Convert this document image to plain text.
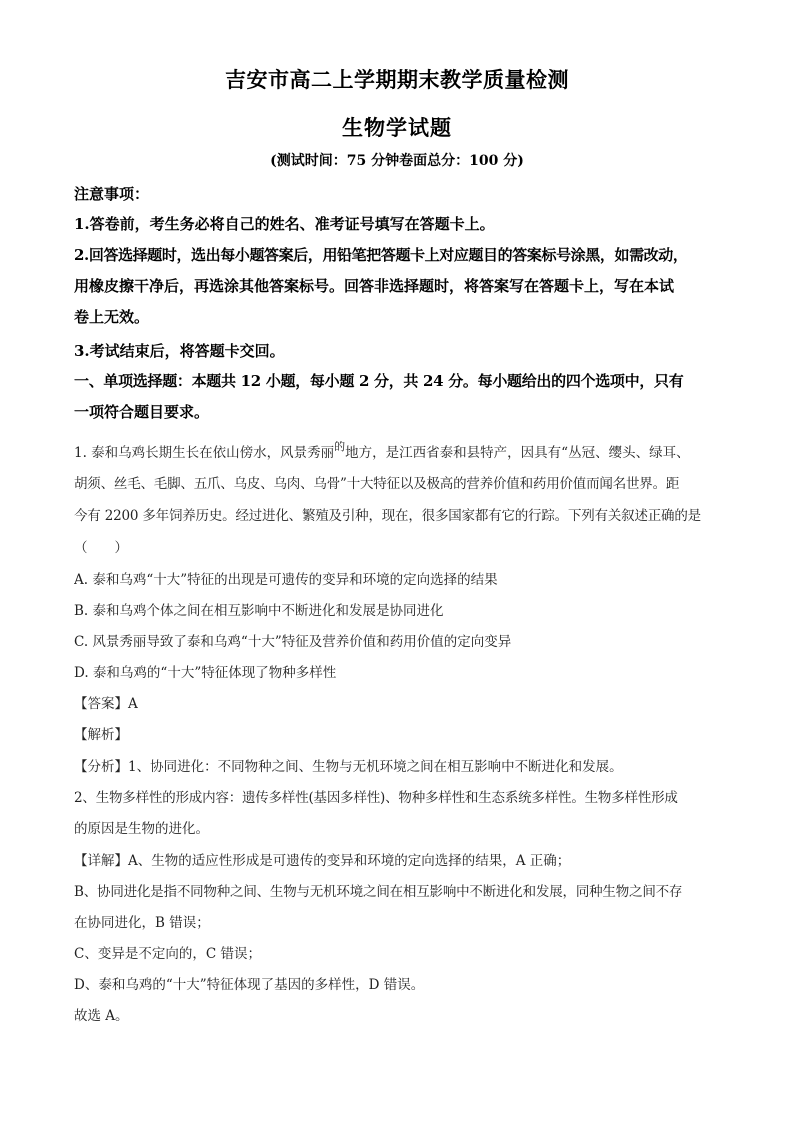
吉安市高二上学期期末教学质量检测
生物学试题
(测试时间：75 分钟卷面总分：100 分)
注意事项：
1.答卷前，考生务必将自己的姓名、准考证号填写在答题卡上。
2.回答选择题时，选出每小题答案后，用铅笔把答题卡上对应题目的答案标号涂黑，如需改动，
用橡皮擦干净后，再选涂其他答案标号。回答非选择题时，将答案写在答题卡上，写在本试
卷上无效。
3.考试结束后，将答题卡交回。
一、单项选择题：本题共 12 小题，每小题 2 分，共 24 分。每小题给出的四个选项中，只有
一项符合题目要求。
1. 泰和乌鸡长期生长在依山傍水，风景秀丽$^的$地方，是江西省泰和县特产，因具有“丛冠、缨头、绿耳、
胡须、丝毛、毛脚、五爪、乌皮、乌肉、乌骨”十大特征以及极高的营养价值和药用价值而闻名世界。距
今有 2200 多年饲养历史。经过进化、繁殖及引种，现在，很多国家都有它的行踪。下列有关叙述正确的是
（　　）
A. 泰和乌鸡“十大”特征的出现是可遗传的变异和环境的定向选择的结果
B. 泰和乌鸡个体之间在相互影响中不断进化和发展是协同进化
C. 风景秀丽导致了泰和乌鸡“十大”特征及营养价值和药用价值的定向变异
D. 泰和乌鸡的“十大”特征体现了物种多样性
【答案】A
【解析】
【分析】1、协同进化：不同物种之间、生物与无机环境之间在相互影响中不断进化和发展。
2、生物多样性的形成内容：遗传多样性(基因多样性)、物种多样性和生态系统多样性。生物多样性形成
的原因是生物的进化。
【详解】A、生物的适应性形成是可遗传的变异和环境的定向选择的结果，A 正确；
B、协同进化是指不同物种之间、生物与无机环境之间在相互影响中不断进化和发展，同种生物之间不存
在协同进化，B 错误；
C、变异是不定向的，C 错误；
D、泰和乌鸡的“十大”特征体现了基因的多样性，D 错误。
故选 A。
